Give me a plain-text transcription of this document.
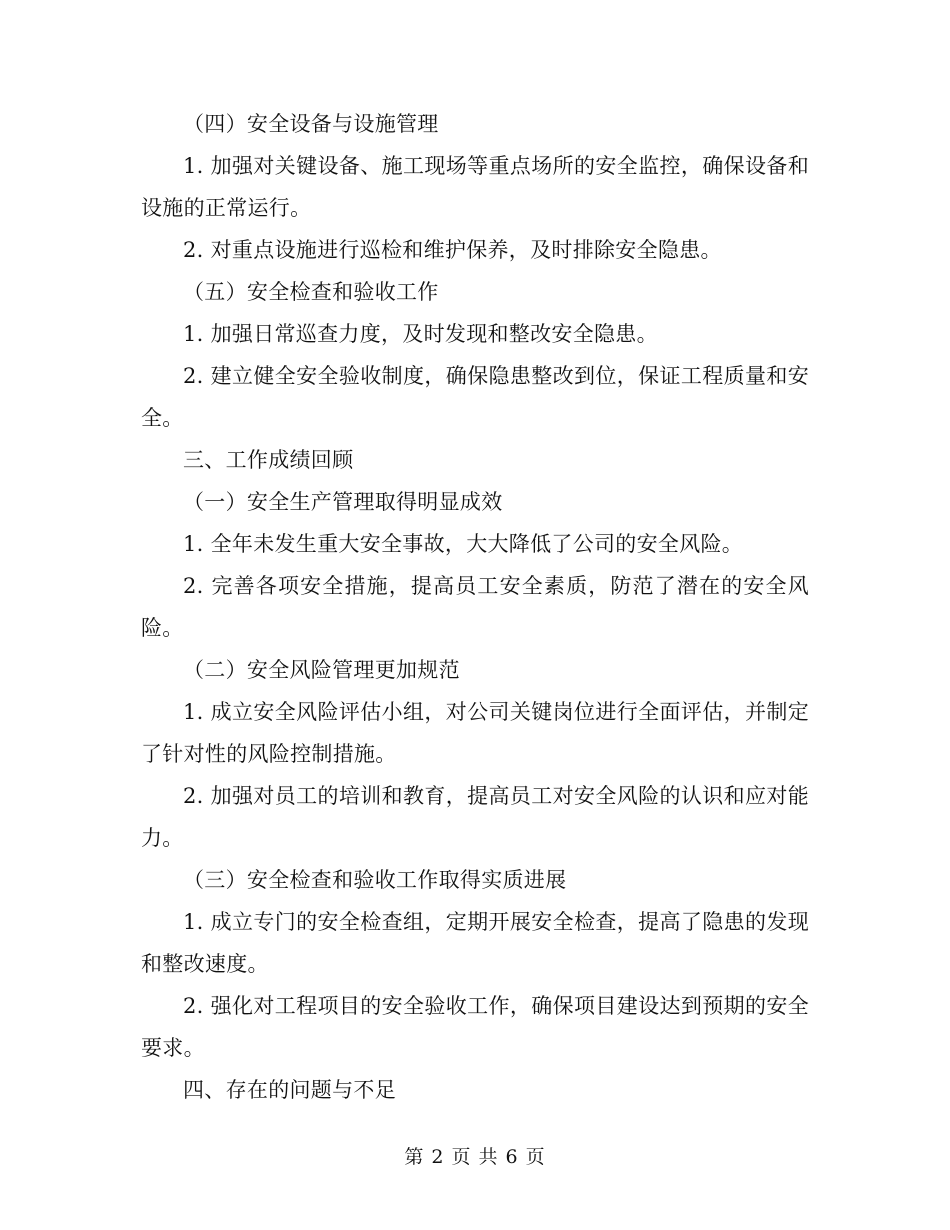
（四）安全设备与设施管理

1. 加强对关键设备、施工现场等重点场所的安全监控，确保设备和设施的正常运行。

2. 对重点设施进行巡检和维护保养，及时排除安全隐患。

（五）安全检查和验收工作

1. 加强日常巡查力度，及时发现和整改安全隐患。

2. 建立健全安全验收制度，确保隐患整改到位，保证工程质量和安全。

三、工作成绩回顾

（一）安全生产管理取得明显成效

1. 全年未发生重大安全事故，大大降低了公司的安全风险。

2. 完善各项安全措施，提高员工安全素质，防范了潜在的安全风险。

（二）安全风险管理更加规范

1. 成立安全风险评估小组，对公司关键岗位进行全面评估，并制定了针对性的风险控制措施。

2. 加强对员工的培训和教育，提高员工对安全风险的认识和应对能力。

（三）安全检查和验收工作取得实质进展

1. 成立专门的安全检查组，定期开展安全检查，提高了隐患的发现和整改速度。

2. 强化对工程项目的安全验收工作，确保项目建设达到预期的安全要求。

四、存在的问题与不足

第 2 页 共 6 页
